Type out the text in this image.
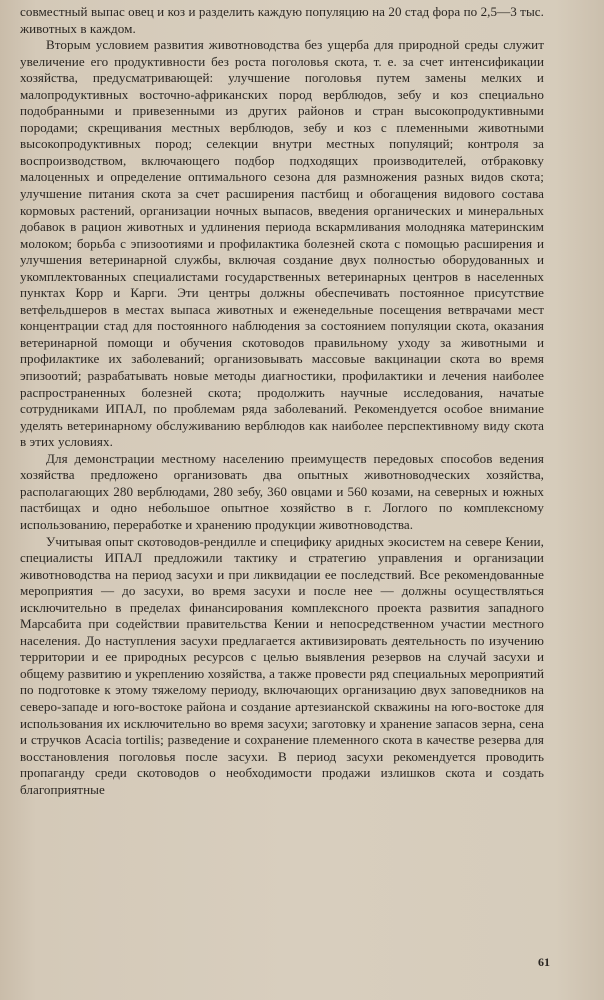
совместный выпас овец и коз и разделить каждую популяцию на 20 стад фора по 2,5—3 тыс. животных в каждом.

Вторым условием развития животноводства без ущерба для природной среды служит увеличение его продуктивности без роста поголовья скота, т. е. за счет интенсификации хозяйства, предусматривающей: улучшение поголовья путем замены мелких и малопродуктивных восточно-африканских пород верблюдов, зебу и коз специально подобранными и привезенными из других районов и стран высокопродуктивными породами; скрещивания местных верблюдов, зебу и коз с племенными животными высокопродуктивных пород; селекции внутри местных популяций; контроля за воспроизводством, включающего подбор подходящих производителей, отбраковку малоценных и определение оптимального сезона для размножения разных видов скота; улучшение питания скота за счет расширения пастбищ и обогащения видового состава кормовых растений, организации ночных выпасов, введения органических и минеральных добавок в рацион животных и удлинения периода вскармливания молодняка материнским молоком; борьба с эпизоотиями и профилактика болезней скота с помощью расширения и улучшения ветеринарной службы, включая создание двух полностью оборудованных и укомплектованных специалистами государственных ветеринарных центров в населенных пунктах Корр и Карги. Эти центры должны обеспечивать постоянное присутствие ветфельдшеров в местах выпаса животных и еженедельные посещения ветврачами мест концентрации стад для постоянного наблюдения за состоянием популяции скота, оказания ветеринарной помощи и обучения скотоводов правильному уходу за животными и профилактике их заболеваний; организовывать массовые вакцинации скота во время эпизоотий; разрабатывать новые методы диагностики, профилактики и лечения наиболее распространенных болезней скота; продолжить научные исследования, начатые сотрудниками ИПАЛ, по проблемам ряда заболеваний. Рекомендуется особое внимание уделять ветеринарному обслуживанию верблюдов как наиболее перспективному виду скота в этих условиях.

Для демонстрации местному населению преимуществ передовых способов ведения хозяйства предложено организовать два опытных животноводческих хозяйства, располагающих 280 верблюдами, 280 зебу, 360 овцами и 560 козами, на северных и южных пастбищах и одно небольшое опытное хозяйство в г. Логлого по комплексному использованию, переработке и хранению продукции животноводства.

Учитывая опыт скотоводов-рендилле и специфику аридных экосистем на севере Кении, специалисты ИПАЛ предложили тактику и стратегию управления и организации животноводства на период засухи и при ликвидации ее последствий. Все рекомендованные мероприятия — до засухи, во время засухи и после нее — должны осуществляться исключительно в пределах финансирования комплексного проекта развития западного Марсабита при содействии правительства Кении и непосредственном участии местного населения. До наступления засухи предлагается активизировать деятельность по изучению территории и ее природных ресурсов с целью выявления резервов на случай засухи и общему развитию и укреплению хозяйства, а также провести ряд специальных мероприятий по подготовке к этому тяжелому периоду, включающих организацию двух заповедников на северо-западе и юго-востоке района и создание артезианской скважины на юго-востоке для использования их исключительно во время засухи; заготовку и хранение запасов зерна, сена и стручков Acacia tortilis; разведение и сохранение племенного скота в качестве резерва для восстановления поголовья после засухи. В период засухи рекомендуется проводить пропаганду среди скотоводов о необходимости продажи излишков скота и создать благоприятные

61
